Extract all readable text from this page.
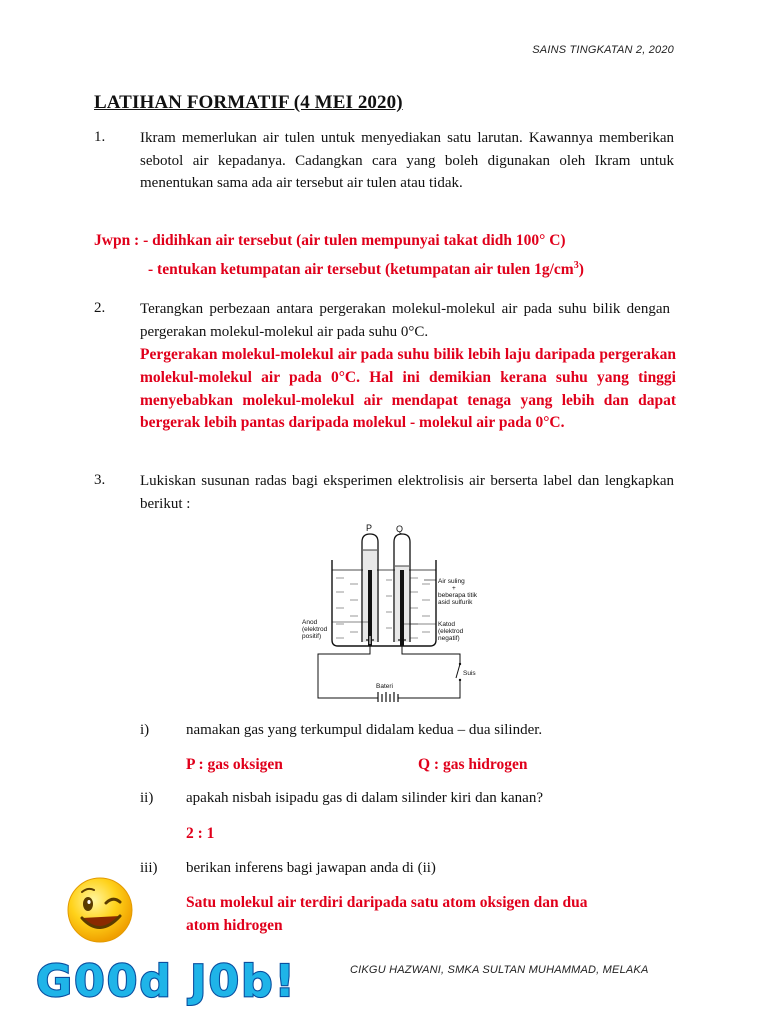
SAINS TINGKATAN 2, 2020
LATIHAN FORMATIF (4 MEI 2020)
1. Ikram memerlukan air tulen untuk menyediakan satu larutan. Kawannya memberikan sebotol air kepadanya. Cadangkan cara yang boleh digunakan oleh Ikram untuk menentukan sama ada air tersebut air tulen atau tidak.
Jwpn : - didihkan air tersebut (air tulen mempunyai takat didh 100° C)
- tentukan ketumpatan air tersebut (ketumpatan air tulen $1g/cm^3$)
2. Terangkan perbezaan antara pergerakan molekul-molekul air pada suhu bilik dengan pergerakan molekul-molekul air pada suhu 0°C.
Pergerakan molekul-molekul air pada suhu bilik lebih laju daripada pergerakan molekul-molekul air pada 0°C. Hal ini demikian kerana suhu yang tinggi menyebabkan molekul-molekul air mendapat tenaga yang lebih dan dapat bergerak lebih pantas daripada molekul - molekul air pada 0°C.
3. Lukiskan susunan radas bagi eksperimen elektrolisis air berserta label dan lengkapkan berikut :
P	Q
Air suling
+
beberapa titik
asid sulfurik
Katod
(elektrod
negatif)
Anod
(elektrod
positif)
Suis
Bateri
i) namakan gas yang terkumpul didalam kedua – dua silinder.
P : gas oksigen	Q : gas hidrogen
ii) apakah nisbah isipadu gas di dalam silinder kiri dan kanan?
2 : 1
iii) berikan inferens bagi jawapan anda di (ii)
Satu molekul air terdiri daripada satu atom oksigen dan dua
atom hidrogen
G00d J0b!	CIKGU HAZWANI, SMKA SULTAN MUHAMMAD, MELAKA
